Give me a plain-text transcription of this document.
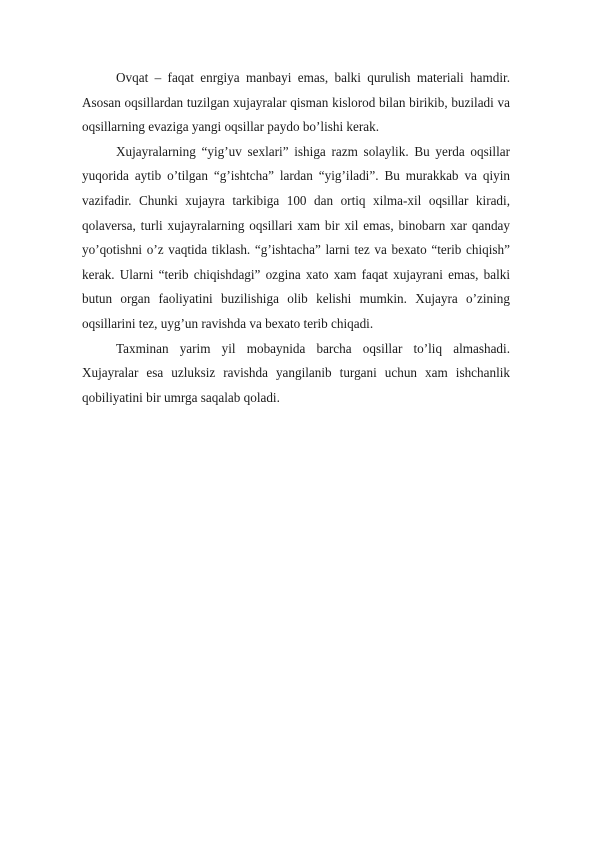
Ovqat – faqat enrgiya manbayi emas, balki qurulish materiali hamdir. Asosan oqsillardan tuzilgan xujayralar qisman kislorod bilan birikib, buziladi va oqsillarning evaziga yangi oqsillar paydo bo’lishi kerak.

Xujayralarning “yig’uv sexlari” ishiga razm solaylik. Bu yerda oqsillar yuqorida aytib o’tilgan “g’ishtcha” lardan “yig’iladi”. Bu murakkab va qiyin vazifadir. Chunki xujayra tarkibiga 100 dan ortiq xilma-xil oqsillar kiradi, qolaversa, turli xujayralarning oqsillari xam bir xil emas, binobarn xar qanday yo’qotishni o’z vaqtida tiklash. “g’ishtacha” larni tez va bexato “terib chiqish” kerak. Ularni “terib chiqishdagi” ozgina xato xam faqat xujayrani emas, balki butun organ faoliyatini buzilishiga olib kelishi mumkin. Xujayra o’zining oqsillarini tez, uyg’un ravishda va bexato terib chiqadi.

Taxminan yarim yil mobaynida barcha oqsillar to’liq almashadi. Xujayralar esa uzluksiz ravishda yangilanib turgani uchun xam ishchanlik qobiliyatini bir umrga saqalab qoladi.
